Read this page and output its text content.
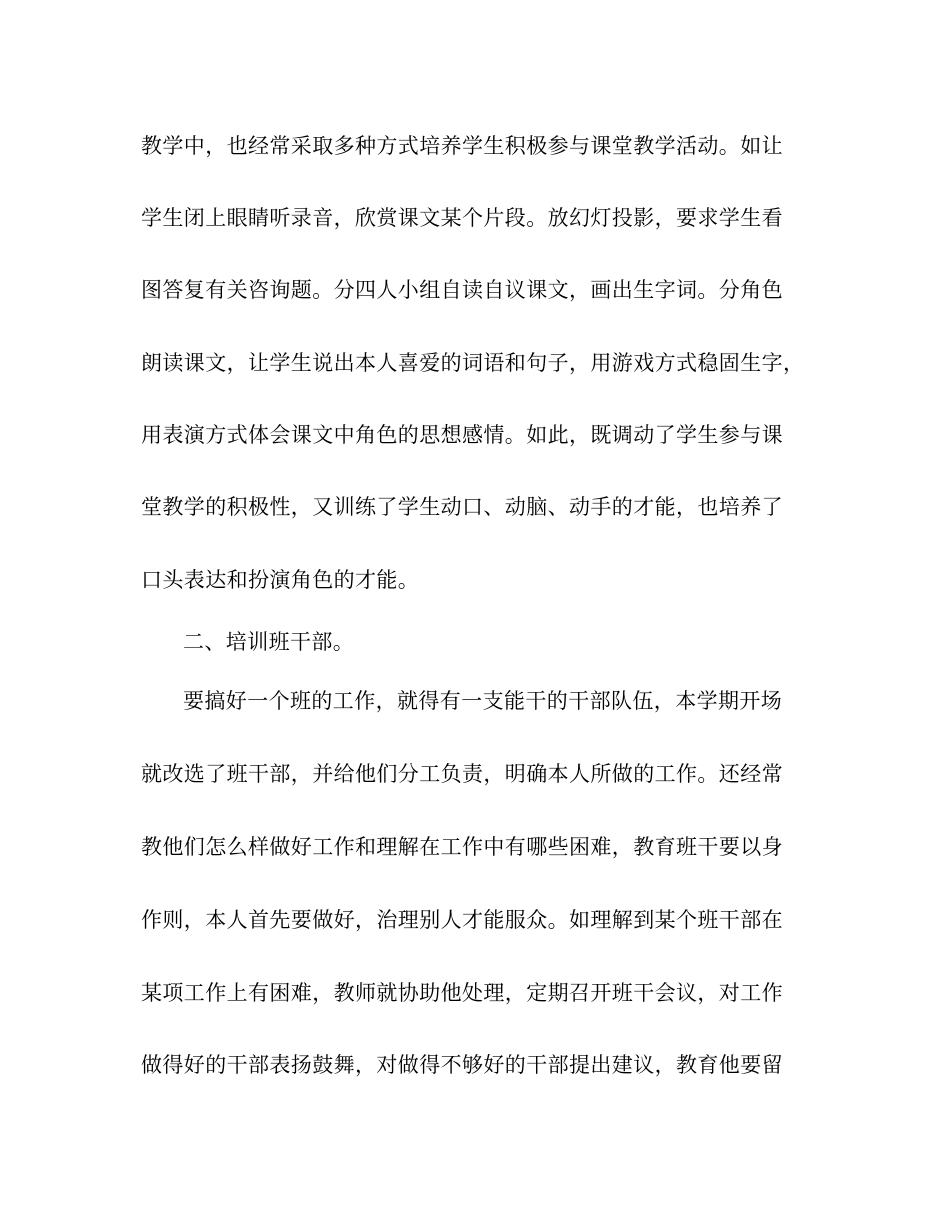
教学中，也经常采取多种方式培养学生积极参与课堂教学活动。如让
学生闭上眼睛听录音，欣赏课文某个片段。放幻灯投影，要求学生看
图答复有关咨询题。分四人小组自读自议课文，画出生字词。分角色
朗读课文，让学生说出本人喜爱的词语和句子，用游戏方式稳固生字，
用表演方式体会课文中角色的思想感情。如此，既调动了学生参与课
堂教学的积极性，又训练了学生动口、动脑、动手的才能，也培养了
口头表达和扮演角色的才能。
二、培训班干部。
要搞好一个班的工作，就得有一支能干的干部队伍，本学期开场
就改选了班干部，并给他们分工负责，明确本人所做的工作。还经常
教他们怎么样做好工作和理解在工作中有哪些困难，教育班干要以身
作则，本人首先要做好，治理别人才能服众。如理解到某个班干部在
某项工作上有困难，教师就协助他处理，定期召开班干会议，对工作
做得好的干部表扬鼓舞，对做得不够好的干部提出建议，教育他要留
